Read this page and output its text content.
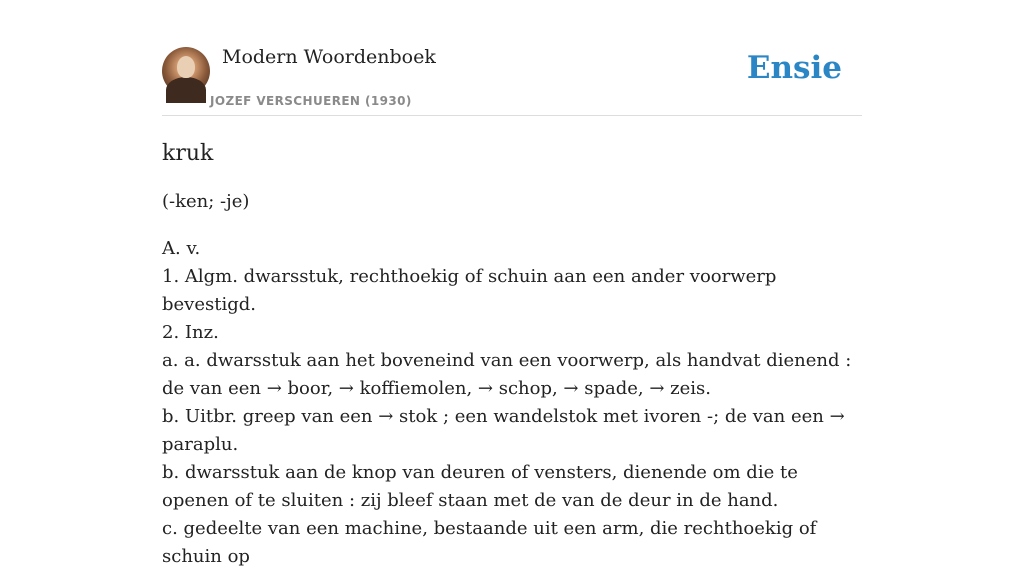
Modern Woordenboek
JOZEF VERSCHUEREN (1930)
Ensie
kruk

(-ken; -je)

A. v.

1. Algm. dwarsstuk, rechthoekig of schuin aan een ander voorwerp bevestigd.

2. Inz.

a. a. dwarsstuk aan het boveneind van een voorwerp, als handvat dienend : de van een → boor, → koffiemolen, → schop, → spade, → zeis.

b. Uitbr. greep van een → stok ; een wandelstok met ivoren -; de van een → paraplu.

b. dwarsstuk aan de knop van deuren of vensters, dienende om die te openen of te sluiten : zij bleef staan met de van de deur in de hand.

c. gedeelte van een machine, bestaande uit een arm, die rechthoekig of schuin op
